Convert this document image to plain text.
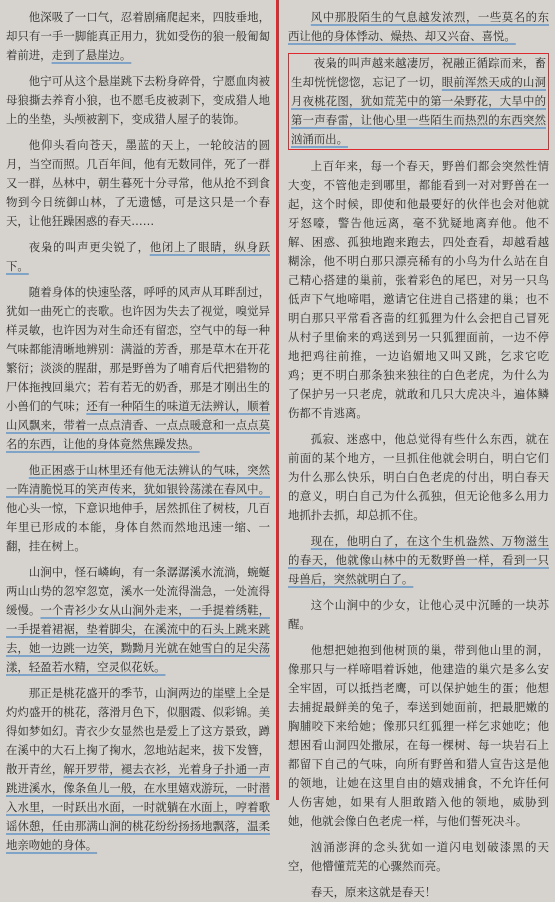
他深吸了一口气，忍着剧痛爬起来，四肢垂地，却只有一手一脚能真正用力，犹如受伤的狼一般匍匐着前进，走到了悬崖边。

他宁可从这个悬崖跳下去粉身碎骨，宁愿血肉被母狼撕去养育小狼，也不愿毛皮被剥下，变成猎人地上的坐垫，头颅被割下，变成猎人屋子的装饰。

他仰头看向苍天，墨蓝的天上，一轮皎洁的圆月，当空而照。几百年间，他有无数同伴，死了一群又一群，丛林中，朝生暮死十分寻常，他从抢不到食物到今日统御山林，了无遗憾，可是这只是一个春天，让他狂躁困惑的春天……

夜枭的叫声更尖锐了，他闭上了眼睛，纵身跃下。

随着身体的快速坠落，呼呼的风声从耳畔刮过，犹如一曲死亡的丧歌。也许因为失去了视觉，嗅觉异样灵敏，也许因为对生命还有留恋，空气中的每一种气味都能清晰地辨别：满溢的芳香，那是草木在开花繁衍；淡淡的腥甜，那是野兽为了哺育后代把猎物的尸体拖拽回巢穴；若有若无的奶香，那是才刚出生的小兽们的气味；还有一种陌生的味道无法辨认，顺着山风飘来，带着一点点清香、一点点暖意和一点点莫名的东西，让他的身体竟然焦躁发热。

他正困惑于山林里还有他无法辨认的气味，突然一阵清脆悦耳的笑声传来，犹如银铃荡漾在春风中。他心头一惊，下意识地伸手，居然抓住了树枝，几百年里已形成的本能，身体自然而然地迅速一缩、一翻，挂在树上。

山涧中，怪石嶙峋，有一条潺潺溪水流淌，蜿蜒两山山势的忽窄忽宽，溪水一处流得湍急，一处流得缓慢。一个青衫少女从山涧外走来，一手提着绣鞋，一手提着裙裾，垫着脚尖，在溪流中的石头上跳来跳去，她一边跳一边笑，黝黝月光就在她雪白的足尖荡漾，轻盈若水精，空灵似花妖。

那正是桃花盛开的季节，山涧两边的崖壁上全是灼灼盛开的桃花，落滑月色下，似胭霞、似彩锦。美得如梦如幻。青衣少女显然也是爱上了这方景致，蹲在溪中的大石上掬了掬水，忽地站起来，拔下发簪，散开青丝，解开罗带，褪去衣衫，光着身子扑通一声跳进溪水，像条鱼儿一般，在水里嬉戏游玩，一时潜入水里，一时跃出水面，一时就躺在水面上，哼着歌谣休憩，任由那满山涧的桃花纷纷扬扬地飘落，温柔地亲吻她的身体。

风中那股陌生的气息越发浓烈，一些莫名的东西让他的身体悸动、燥热、却又兴奋、喜悦。

夜枭的叫声越来越凄厉，祝融正循踪而来，畜生却恍恍惚惚，忘记了一切，眼前浑然天成的山洞月夜桃花图，犹如荒芜中的第一朵野花，大旱中的第一声春雷，让他心里一些陌生而热烈的东西突然汹涌而出。

上百年来，每一个春天，野兽们都会突然性情大变，不管他走到哪里，都能看到一对对野兽在一起，这个时候，即使和他最要好的伙伴也会对他就牙怒嚎，警告他远离，毫不犹疑地离弃他。他不解、困惑、孤独地跑来跑去，四处查看，却越看越糊涂，他不明白那只漂亮稀有的小鸟为什么站在自己精心搭建的巢前，张着彩色的尾巴，对另一只鸟低声下气地啼唱，邀请它住进自己搭建的巢；也不明白那只平常看吝啬的红狐狸为什么会把自己冒死从村子里偷来的鸡送到另一只狐狸面前，一边不停地把鸡往前推，一边谄媚地又叫又跳，乞求它吃鸡；更不明白那条独来独往的白色老虎，为什么为了保护另一只老虎，就敢和几只大虎决斗，遍体鳞伤都不肯逃离。

孤寂、迷惑中，他总觉得有些什么东西，就在前面的某个地方，一旦抓住他就会明白，明白它们为什么那么快乐，明白白色老虎的付出，明白春天的意义，明白自己为什么孤独，但无论他多么用力地抓扑去抓，却总抓不住。

现在，他明白了，在这个生机盎然、万物滋生的春天，他就像山林中的无数野兽一样，看到一只母兽后，突然就明白了。

这个山涧中的少女，让他心灵中沉睡的一块苏醒。

他想把她抱到他树顶的巢，带到他山里的洞，像那只与一样啼唱着诉她，他建造的巢穴是多么安全牢固，可以抵挡老鹰，可以保护她生的蛋；他想去捕捉最鲜美的兔子，奉送到她面前，把最肥嫩的胸脯咬下来给她；像那只红狐狸一样乞求她吃；他想困看山洞四处撒尿，在每一棵树、每一块岩石上都留下自己的气味，向所有野兽和猎人宣告这是他的领地，让她在这里自由的嬉戏捕食，不允许任何人伤害她，如果有人胆敢踏入他的领地，威胁到她，他就会像白色老虎一样，与他们誓死决斗。

汹涌澎湃的念头犹如一道闪电划破漆黑的天空，他懵懂荒芜的心骤然而亮。

春天，原来这就是春天！
